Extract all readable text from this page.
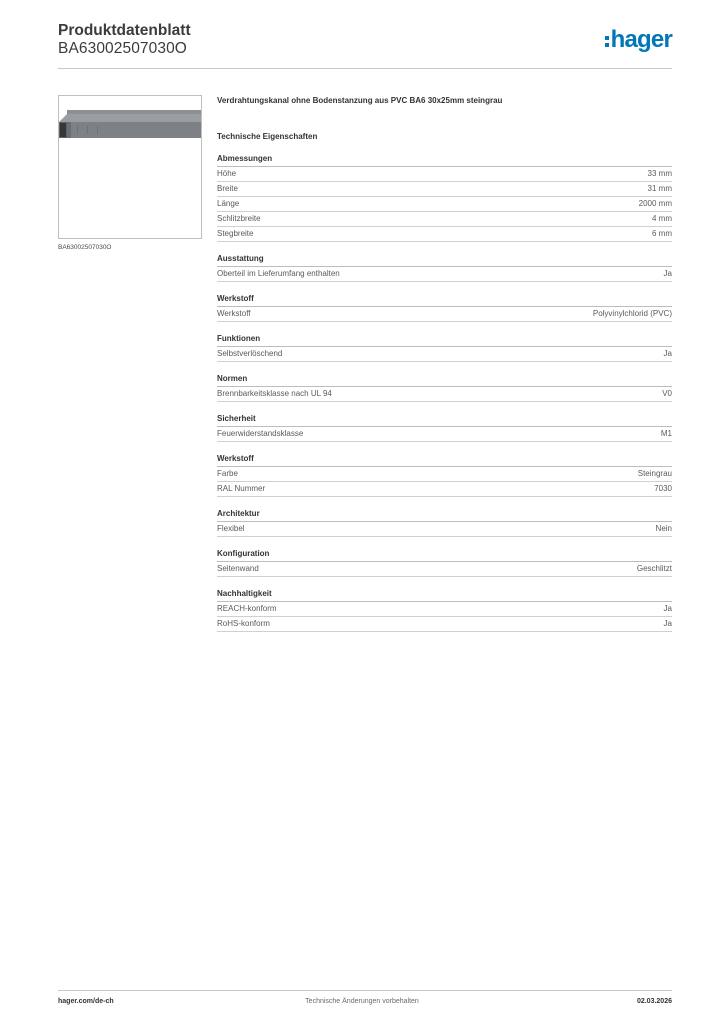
Produktdatenblatt
BA63002507030O	hager
BA63002507030O
Verdrahtungskanal ohne Bodenstanzung aus PVC BA6 30x25mm steingrau
Technische Eigenschaften
Abmessungen
Höhe	33 mm
Breite	31 mm
Länge	2000 mm
Schlitzbreite	4 mm
Stegbreite	6 mm
Ausstattung
Oberteil im Lieferumfang enthalten	Ja
Werkstoff
Werkstoff	Polyvinylchlorid (PVC)
Funktionen
Selbstverlöschend	Ja
Normen
Brennbarkeitsklasse nach UL 94	V0
Sicherheit
Feuerwiderstandsklasse	M1
Werkstoff
Farbe	Steingrau
RAL Nummer	7030
Architektur
Flexibel	Nein
Konfiguration
Seitenwand	Geschlitzt
Nachhaltigkeit
REACH-konform	Ja
RoHS-konform	Ja
hager.com/de-ch	Technische Änderungen vorbehalten	02.03.2026
